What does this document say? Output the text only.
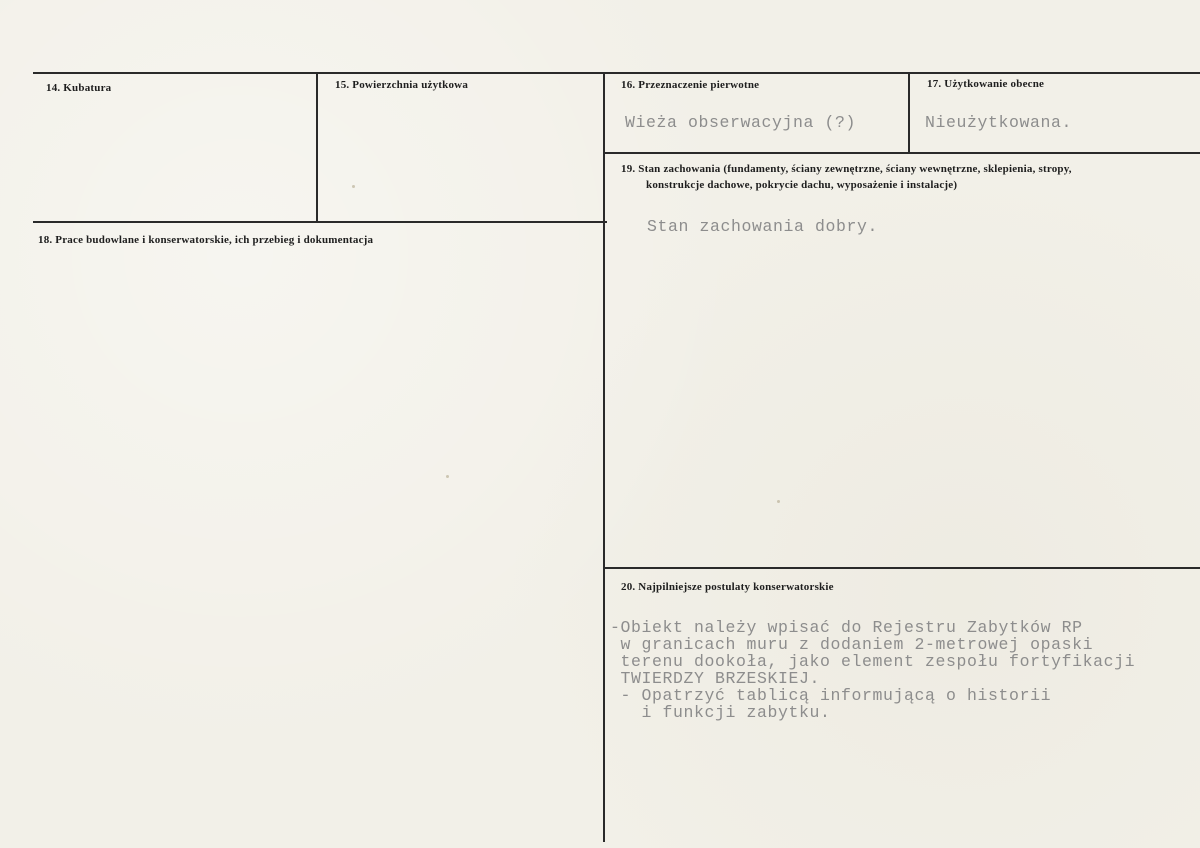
14. Kubatura	15. Powierzchnia użytkowa	16. Przeznaczenie pierwotne
Wieża obserwacyjna (?)
17. Użytkowanie obecne
Nieużytkowana.
18. Prace budowlane i konserwatorskie, ich przebieg i dokumentacja
19. Stan zachowania (fundamenty, ściany zewnętrzne, ściany wewnętrzne, sklepienia, stropy,
konstrukcje dachowe, pokrycie dachu, wyposażenie i instalacje)
Stan zachowania dobry.
20. Najpilniejsze postulaty konserwatorskie
-Obiekt należy wpisać do Rejestru Zabytków RP
w granicach muru z dodaniem 2-metrowej opaski
terenu dookoła, jako element zespołu fortyfikacji
TWIERDZY BRZESKIEJ.
- Opatrzyć tablicą informującą o historii
i funkcji zabytku.
